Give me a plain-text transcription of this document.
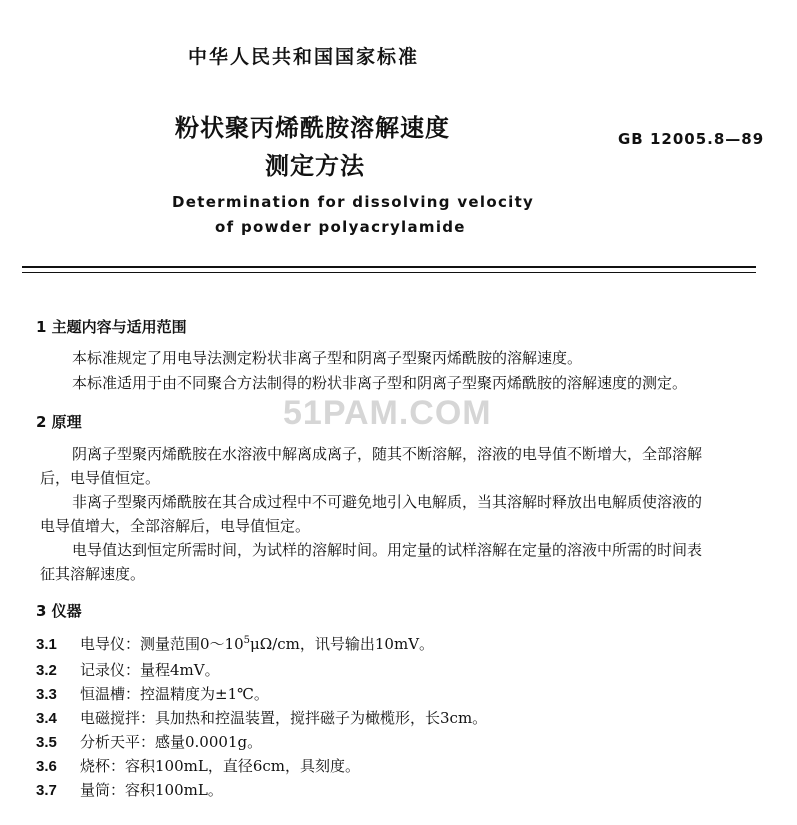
51PAM.COM
中华人民共和国国家标准
粉状聚丙烯酰胺溶解速度
测定方法
GB 12005.8—89
Determination for dissolving velocity
of powder polyacrylamide
1 主题内容与适用范围
本标准规定了用电导法测定粉状非离子型和阴离子型聚丙烯酰胺的溶解速度。
本标准适用于由不同聚合方法制得的粉状非离子型和阴离子型聚丙烯酰胺的溶解速度的测定。
2 原理
阴离子型聚丙烯酰胺在水溶液中解离成离子，随其不断溶解，溶液的电导值不断增大，全部溶解
后，电导值恒定。
非离子型聚丙烯酰胺在其合成过程中不可避免地引入电解质，当其溶解时释放出电解质使溶液的
电导值增大，全部溶解后，电导值恒定。
电导值达到恒定所需时间，为试样的溶解时间。用定量的试样溶解在定量的溶液中所需的时间表
征其溶解速度。
3 仪器
3.1 电导仪：测量范围$0\sim 10^5\mu\Omega/cm$，讯号输出10mV。
3.2 记录仪：量程4mV。
3.3 恒温槽：控温精度为±1℃。
3.4 电磁搅拌：具加热和控温装置，搅拌磁子为橄榄形，长3cm。
3.5 分析天平：感量0.0001g。
3.6 烧杯：容积100mL，直径6cm，具刻度。
3.7 量筒：容积100mL。
